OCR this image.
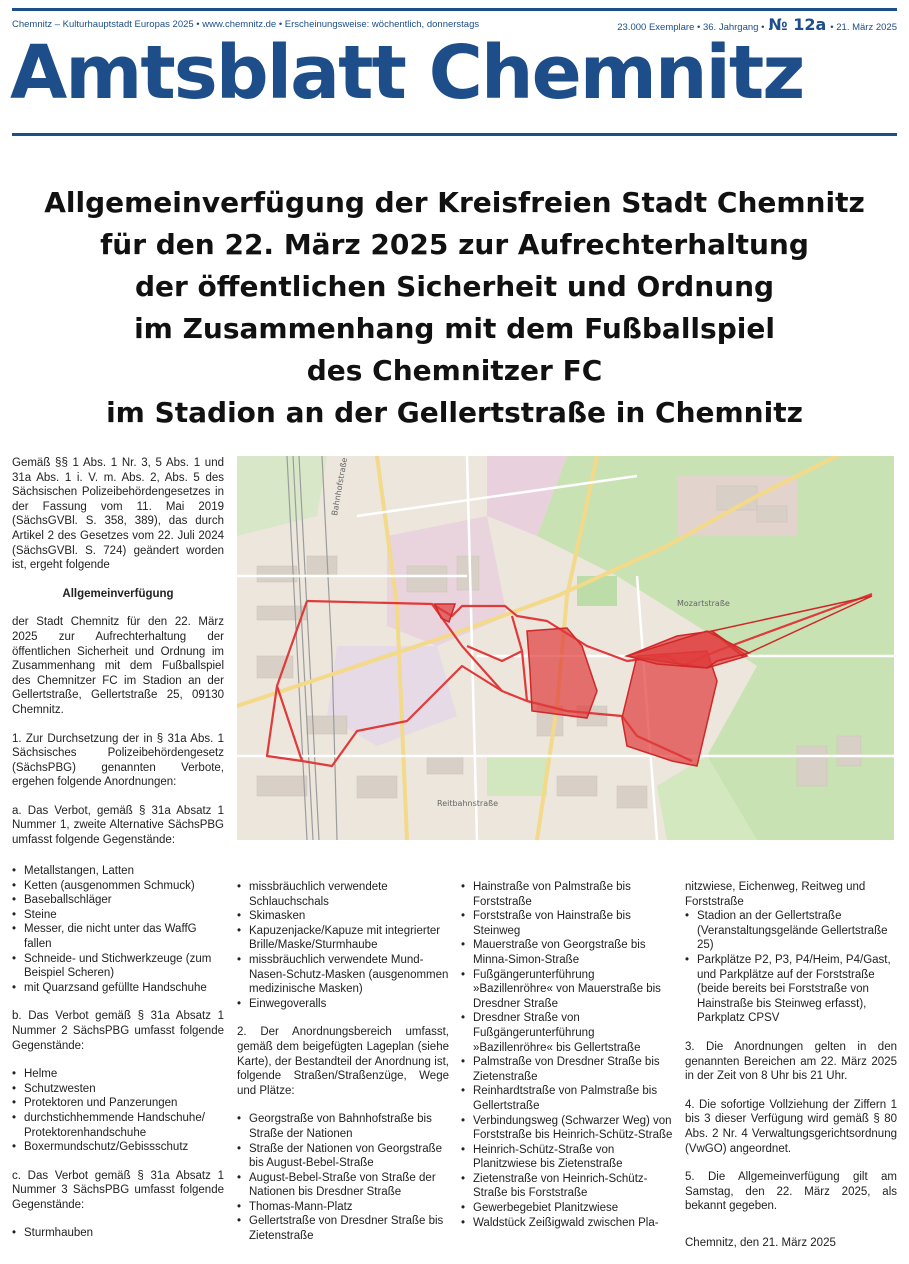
Chemnitz – Kulturhauptstadt Europas 2025 • www.chemnitz.de • Erscheinungsweise: wöchentlich, donnerstags	23.000 Exemplare • 36. Jahrgang • № 12a • 21. März 2025
Amtsblatt Chemnitz
Allgemeinverfügung der Kreisfreien Stadt Chemnitz
für den 22. März 2025 zur Aufrechterhaltung
der öffentlichen Sicherheit und Ordnung
im Zusammenhang mit dem Fußballspiel
des Chemnitzer FC
im Stadion an der Gellertstraße in Chemnitz

Gemäß §§ 1 Abs. 1 Nr. 3, 5 Abs. 1 und 31a Abs. 1 i. V. m. Abs. 2, Abs. 5 des Sächsischen Polizeibehördengesetzes in der Fassung vom 11. Mai 2019 (SächsGVBl. S. 358, 389), das durch Artikel 2 des Gesetzes vom 22. Juli 2024 (SächsGVBl. S. 724) geändert worden ist, ergeht folgende

Allgemeinverfügung

der Stadt Chemnitz für den 22. März 2025 zur Aufrechterhaltung der öffentlichen Sicherheit und Ordnung im Zusammenhang mit dem Fußballspiel des Chemnitzer FC im Stadion an der Gellertstraße, Gellertstraße 25, 09130 Chemnitz.

1. Zur Durchsetzung der in § 31a Abs. 1 Sächsisches Polizeibehördengesetz (SächsPBG) genannten Verbote, ergehen folgende Anordnungen:

a. Das Verbot, gemäß § 31a Absatz 1 Nummer 1, zweite Alternative SächsPBG umfasst folgende Gegenstände:

Mozartstraße
Bahnhofstraße
Reitbahnstraße
• Metallstangen, Latten
• Ketten (ausgenommen Schmuck)
• Baseballschläger
• Steine
• Messer, die nicht unter das WaffG fallen
• Schneide- und Stichwerkzeuge (zum Beispiel Scheren)
• mit Quarzsand gefüllte Handschuhe

b. Das Verbot gemäß § 31a Absatz 1 Nummer 2 SächsPBG umfasst folgende Gegenstände:

• Helme
• Schutzwesten
• Protektoren und Panzerungen
• durchstichhemmende Handschuhe/ Protektorenhandschuhe
• Boxermundschutz/Gebissschutz

c. Das Verbot gemäß § 31a Absatz 1 Nummer 3 SächsPBG umfasst folgende Gegenstände:

• Sturmhauben
• missbräuchlich verwendete Schlauchschals
• Skimasken
• Kapuzenjacke/Kapuze mit integrierter Brille/Maske/Sturmhaube
• missbräuchlich verwendete Mund-Nasen-Schutz-Masken (ausgenommen medizinische Masken)
• Einwegoveralls

2. Der Anordnungsbereich umfasst, gemäß dem beigefügten Lageplan (siehe Karte), der Bestandteil der Anordnung ist, folgende Straßen/Straßenzüge, Wege und Plätze:

• Georgstraße von Bahnhofstraße bis Straße der Nationen
• Straße der Nationen von Georgstraße bis August-Bebel-Straße
• August-Bebel-Straße von Straße der Nationen bis Dresdner Straße
• Thomas-Mann-Platz
• Gellertstraße von Dresdner Straße bis Zietenstraße
• Hainstraße von Palmstraße bis Forststraße
• Forststraße von Hainstraße bis Steinweg
• Mauerstraße von Georgstraße bis Minna-Simon-Straße
• Fußgängerunterführung »Bazillenröhre« von Mauerstraße bis Dresdner Straße
• Dresdner Straße von Fußgängerunterführung »Bazillenröhre« bis Gellertstraße
• Palmstraße von Dresdner Straße bis Zietenstraße
• Reinhardtstraße von Palmstraße bis Gellertstraße
• Verbindungsweg (Schwarzer Weg) von Forststraße bis Heinrich-Schütz-Straße
• Heinrich-Schütz-Straße von Planitzwiese bis Zietenstraße
• Zietenstraße von Heinrich-Schütz-Straße bis Forststraße
• Gewerbegebiet Planitzwiese
• Waldstück Zeißigwald zwischen Pla-
nitzwiese, Eichenweg, Reitweg und Forststraße
• Stadion an der Gellertstraße (Veranstaltungsgelände Gellertstraße 25)
• Parkplätze P2, P3, P4/Heim, P4/Gast, und Parkplätze auf der Forststraße (beide bereits bei Forststraße von Hainstraße bis Steinweg erfasst), Parkplatz CPSV

3. Die Anordnungen gelten in den genannten Bereichen am 22. März 2025 in der Zeit von 8 Uhr bis 21 Uhr.

4. Die sofortige Vollziehung der Ziffern 1 bis 3 dieser Verfügung wird gemäß § 80 Abs. 2 Nr. 4 Verwaltungsgerichtsordnung (VwGO) angeordnet.

5. Die Allgemeinverfügung gilt am Samstag, den 22. März 2025, als bekannt gegeben.

Chemnitz, den 21. März 2025
